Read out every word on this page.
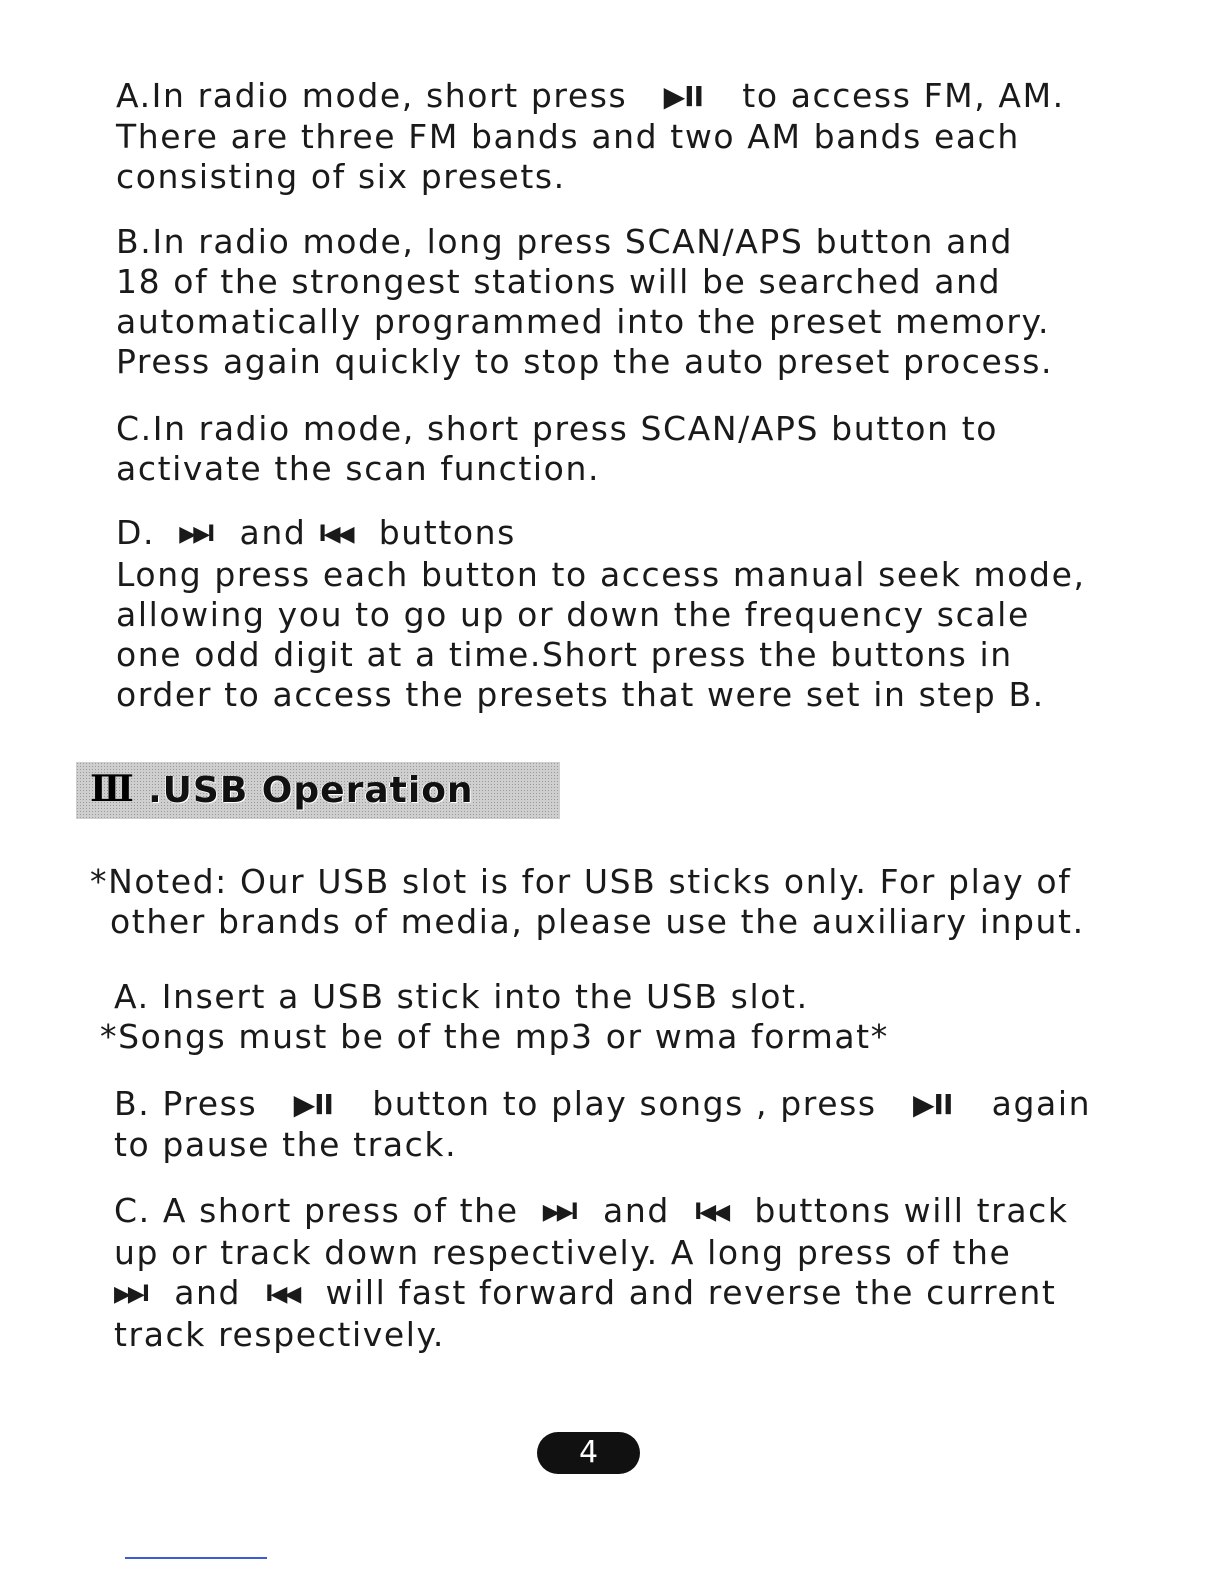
A.In radio mode, short press ▶II to access FM, AM.
There are three FM bands and two AM bands each
consisting of six presets.
B.In radio mode, long press SCAN/APS button and
18 of the strongest stations will be searched and
automatically programmed into the preset memory.
Press again quickly to stop the auto preset process.
C.In radio mode, short press SCAN/APS button to
activate the scan function.
D. ▶▶I and I◀◀ buttons
Long press each button to access manual seek mode,
allowing you to go up or down the frequency scale
one odd digit at a time.Short press the buttons in
order to access the presets that were set in step B.
Ⅲ .USB Operation
*Noted: Our USB slot is for USB sticks only. For play of
other brands of media, please use the auxiliary input.
A. Insert a USB stick into the USB slot.
*Songs must be of the mp3 or wma format*
B. Press ▶II button to play songs , press ▶II again
to pause the track.
C. A short press of the ▶▶I and I◀◀ buttons will track
up or track down respectively. A long press of the
▶▶I and I◀◀ will fast forward and reverse the current
track respectively.
4
